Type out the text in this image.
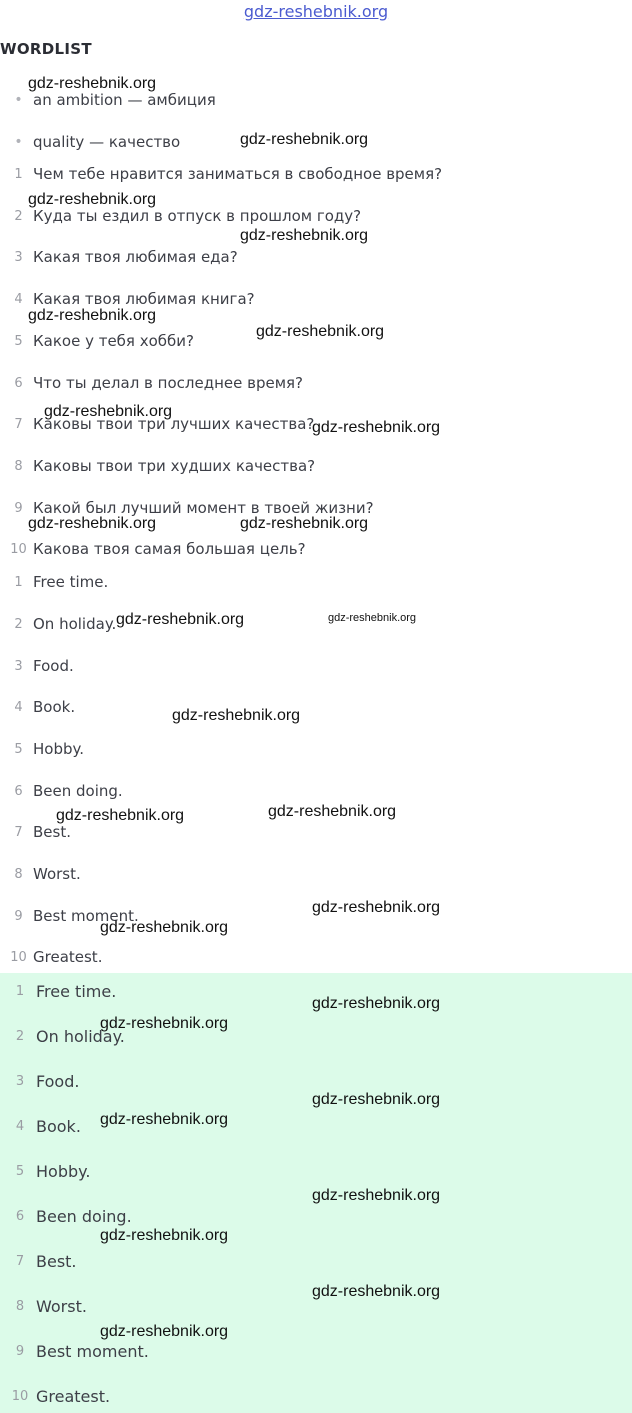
gdz-reshebnik.org
WORDLIST
• an ambition — амбиция
• quality — качество
1 Чем тебе нравится заниматься в свободное время?
2 Куда ты ездил в отпуск в прошлом году?
3 Какая твоя любимая еда?
4 Какая твоя любимая книга?
5 Какое у тебя хобби?
6 Что ты делал в последнее время?
7 Каковы твои три лучших качества?
8 Каковы твои три худших качества?
9 Какой был лучший момент в твоей жизни?
10 Какова твоя самая большая цель?
1 Free time.
2 On holiday.
3 Food.
4 Book.
5 Hobby.
6 Been doing.
7 Best.
8 Worst.
9 Best moment.
10 Greatest.
1 Free time.
2 On holiday.
3 Food.
4 Book.
5 Hobby.
6 Been doing.
7 Best.
8 Worst.
9 Best moment.
10 Greatest.
gdz-reshebnik.org
gdz-reshebnik.org
gdz-reshebnik.org
gdz-reshebnik.org
gdz-reshebnik.org
gdz-reshebnik.org
gdz-reshebnik.org
gdz-reshebnik.org
gdz-reshebnik.org	gdz-reshebnik.org
gdz-reshebnik.org	gdz-reshebnik.org
gdz-reshebnik.org
gdz-reshebnik.org	gdz-reshebnik.org
gdz-reshebnik.org
gdz-reshebnik.org
gdz-reshebnik.org
gdz-reshebnik.org
gdz-reshebnik.org
gdz-reshebnik.org
gdz-reshebnik.org
gdz-reshebnik.org
gdz-reshebnik.org
gdz-reshebnik.org
